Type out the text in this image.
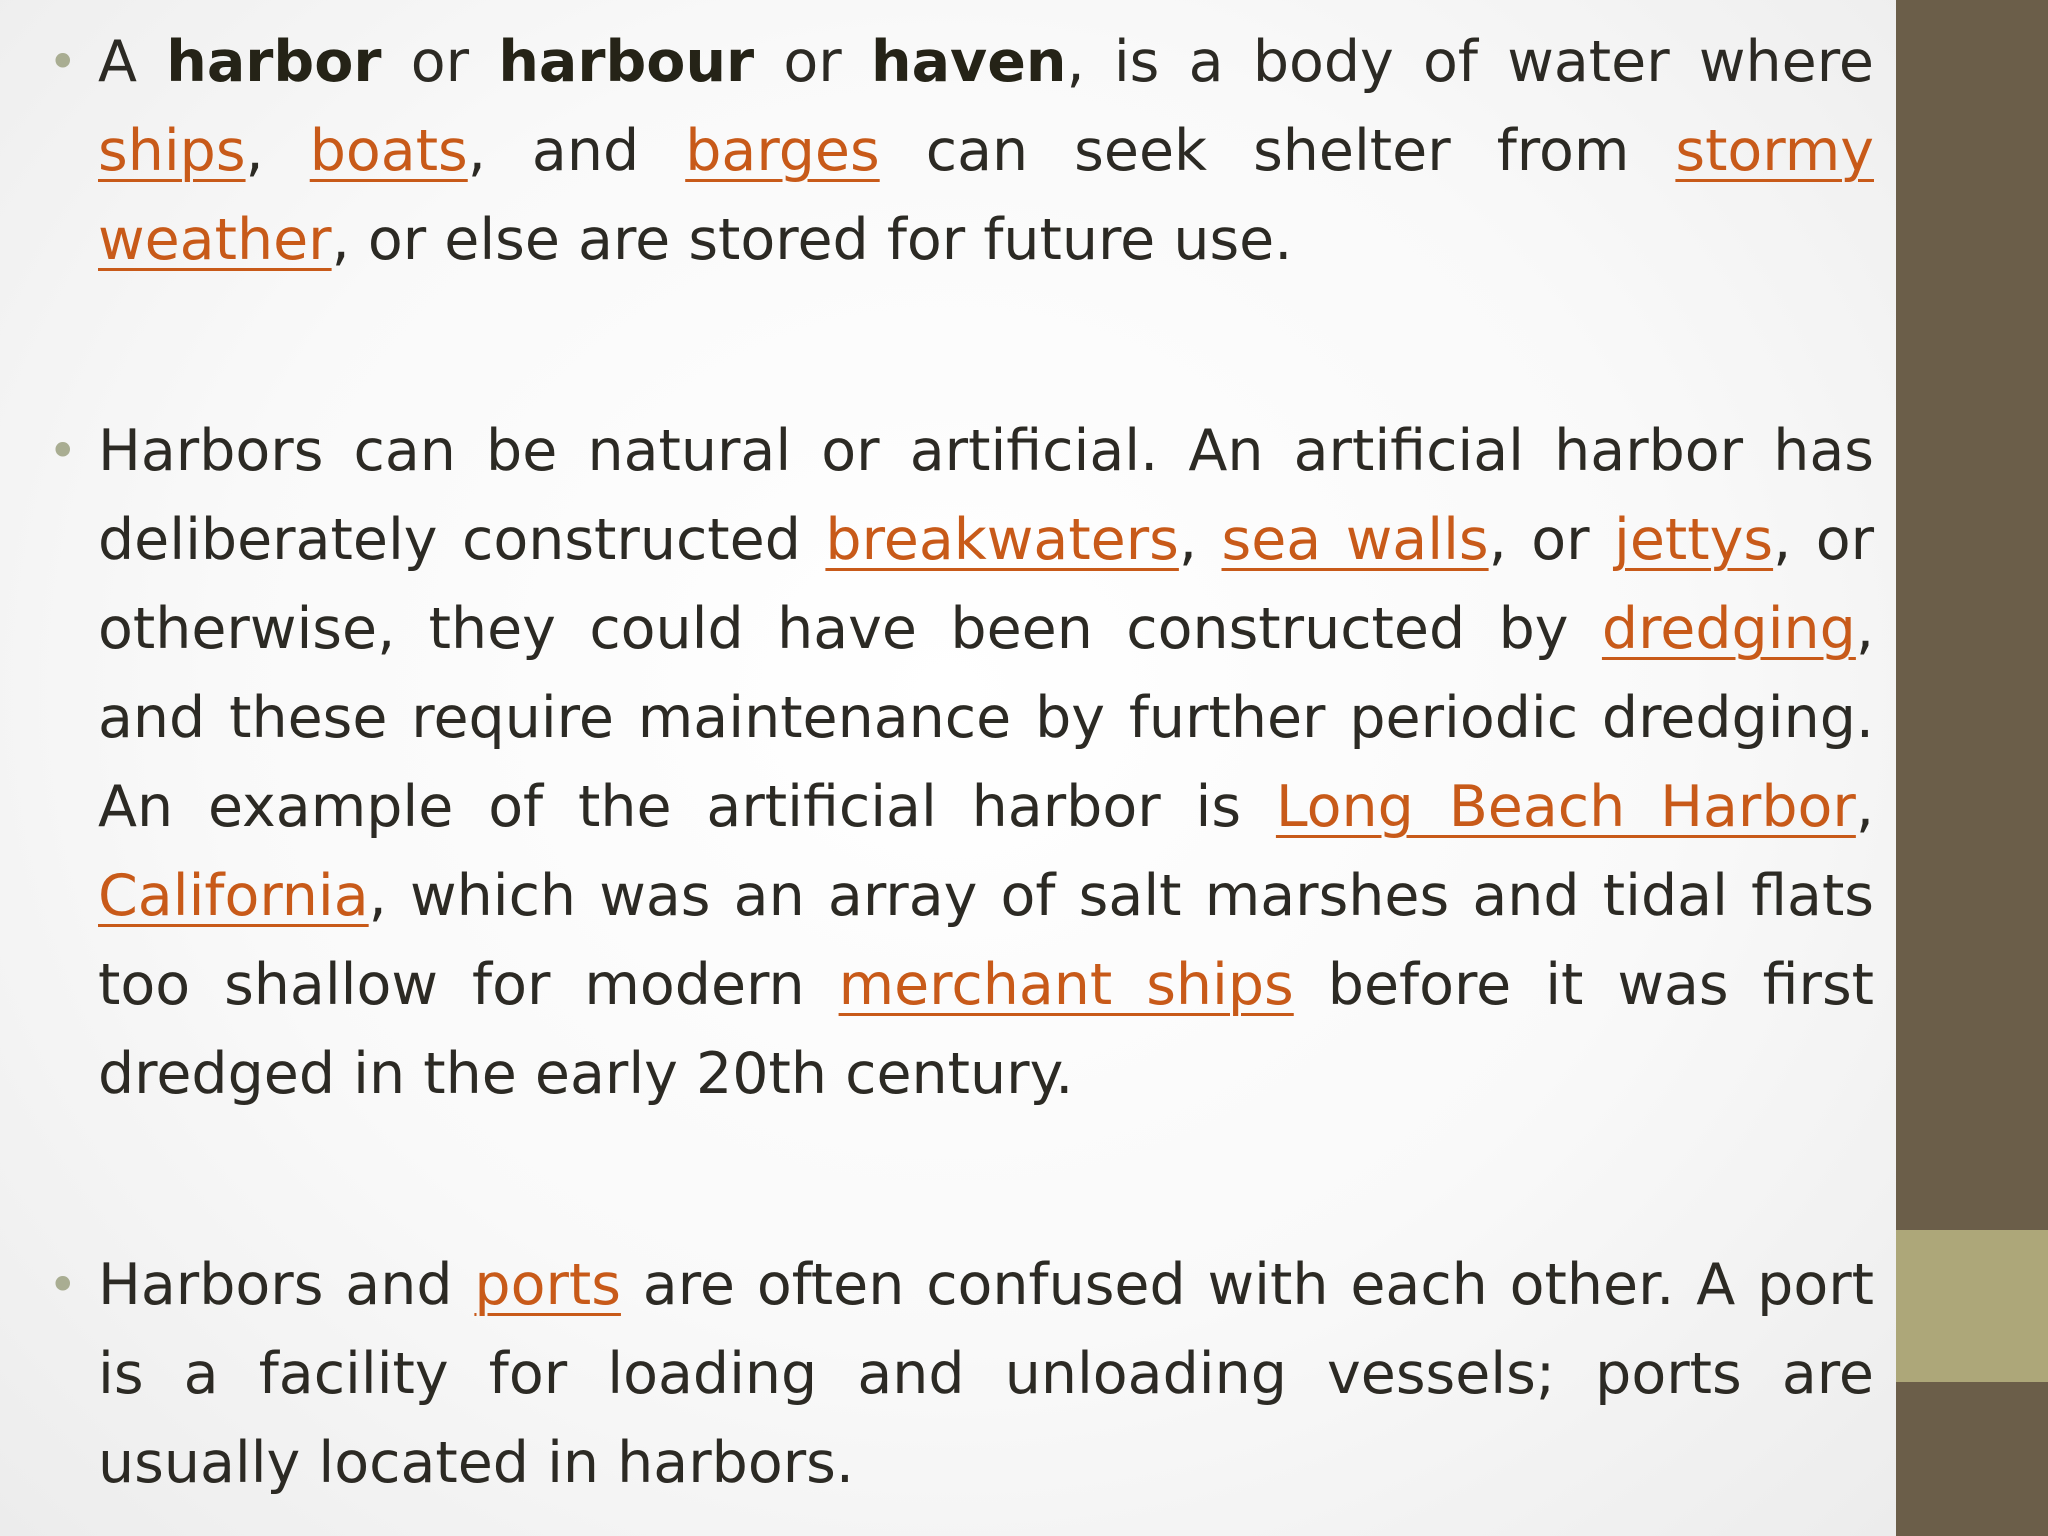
• A harbor or harbour or haven, is a body of water where ships, boats, and barges can seek shelter from stormy weather, or else are stored for future use.
• Harbors can be natural or artificial. An artificial harbor has deliberately constructed breakwaters, sea walls, or jettys, or otherwise, they could have been constructed by dredging, and these require maintenance by further periodic dredging. An example of the artificial harbor is Long Beach Harbor, California, which was an array of salt marshes and tidal flats too shallow for modern merchant ships before it was first dredged in the early 20th century.
• Harbors and ports are often confused with each other. A port is a facility for loading and unloading vessels; ports are usually located in harbors.
